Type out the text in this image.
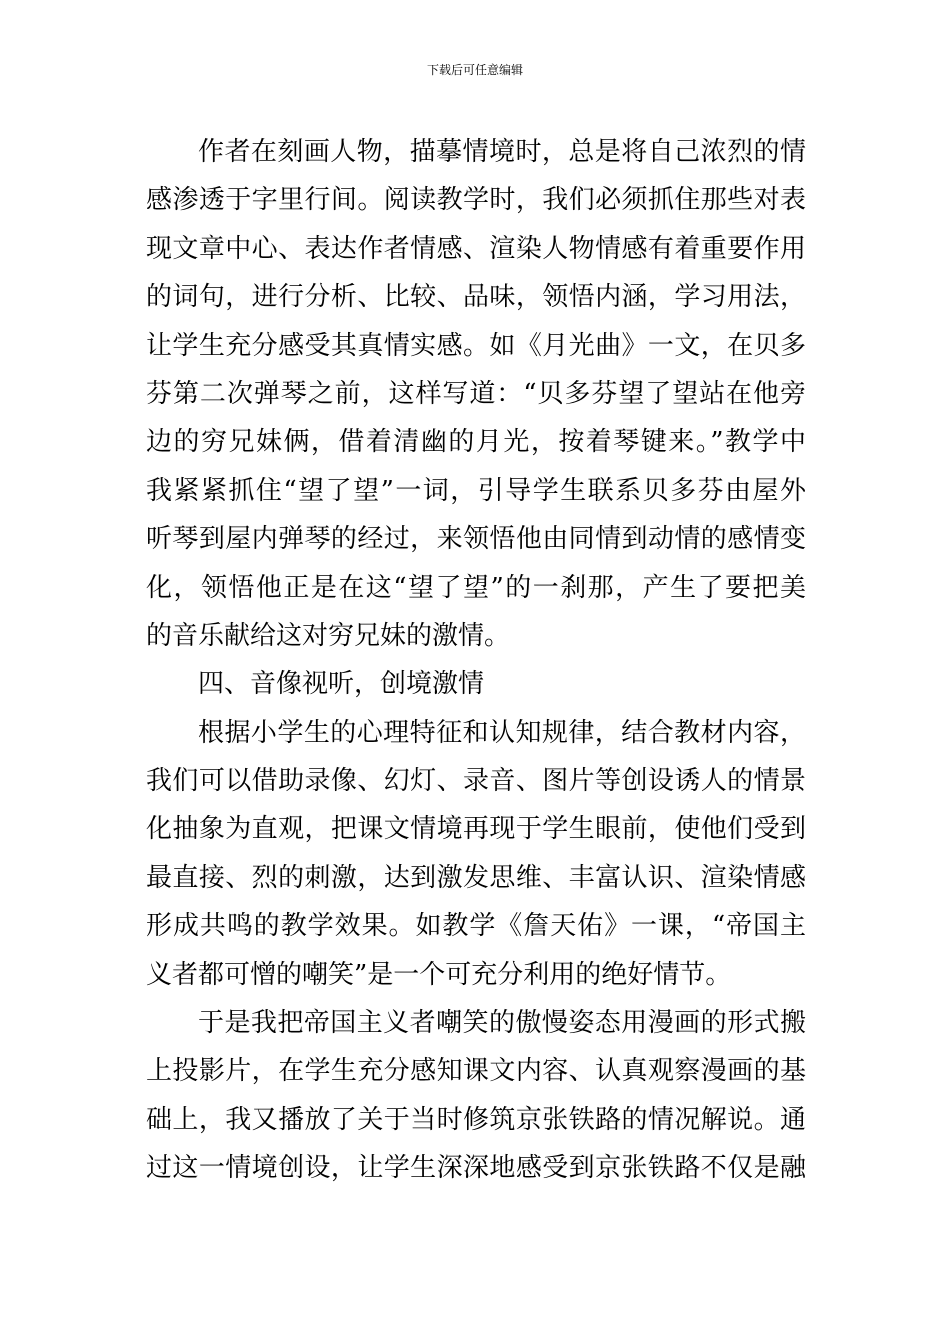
下载后可任意编辑
作者在刻画人物，描摹情境时，总是将自己浓烈的情
感渗透于字里行间。阅读教学时，我们必须抓住那些对表
现文章中心、表达作者情感、渲染人物情感有着重要作用
的词句，进行分析、比较、品味，领悟内涵，学习用法，
让学生充分感受其真情实感。如《月光曲》一文，在贝多
芬第二次弹琴之前，这样写道：“贝多芬望了望站在他旁
边的穷兄妹俩，借着清幽的月光，按着琴键来。”教学中
我紧紧抓住“望了望”一词，引导学生联系贝多芬由屋外
听琴到屋内弹琴的经过，来领悟他由同情到动情的感情变
化，领悟他正是在这“望了望”的一刹那，产生了要把美
的音乐献给这对穷兄妹的激情。
四、音像视听，创境激情
根据小学生的心理特征和认知规律，结合教材内容，
我们可以借助录像、幻灯、录音、图片等创设诱人的情景
化抽象为直观，把课文情境再现于学生眼前，使他们受到
最直接、烈的刺激，达到激发思维、丰富认识、渲染情感
形成共鸣的教学效果。如教学《詹天佑》一课，“帝国主
义者都可憎的嘲笑”是一个可充分利用的绝好情节。
于是我把帝国主义者嘲笑的傲慢姿态用漫画的形式搬
上投影片，在学生充分感知课文内容、认真观察漫画的基
础上，我又播放了关于当时修筑京张铁路的情况解说。通
过这一情境创设，让学生深深地感受到京张铁路不仅是融
